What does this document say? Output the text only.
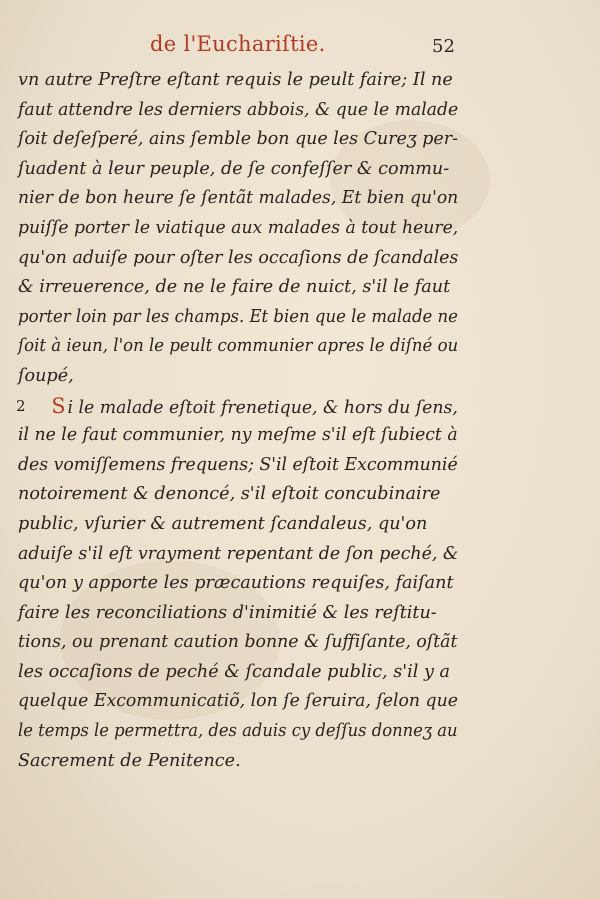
de l'Euchariſtie.	52
vn autre Preſtre eſtant requis le peult faire; Il ne
faut attendre les derniers abbois, & que le malade
ſoit deſeſperé, ains ſemble bon que les Cureʒ per-
ſuadent à leur peuple, de ſe confeſſer & commu-
nier de bon heure ſe ſentãt malades, Et bien qu'on
puiſſe porter le viatique aux malades à tout heure,
qu'on aduiſe pour oſter les occaſions de ſcandales
& irreuerence, de ne le faire de nuict, s'il le faut
porter loin par les champs. Et bien que le malade ne
ſoit à ieun, l'on le peult communier apres le diſné ou
ſoupé,
2 S i le malade eſtoit frenetique, & hors du ſens,
il ne le faut communier, ny meſme s'il eſt ſubiect à
des vomiſſemens frequens; S'il eſtoit Excommunié
notoirement & denoncé, s'il eſtoit concubinaire
public, vſurier & autrement ſcandaleus, qu'on
aduiſe s'il eſt vrayment repentant de ſon peché, &
qu'on y apporte les præcautions requiſes, faiſant
faire les reconciliations d'inimitié & les reſtitu-
tions, ou prenant caution bonne & ſuffiſante, oſtãt
les occaſions de peché & ſcandale public, s'il y a
quelque Excommunicatiõ, lon ſe ſeruira, ſelon que
le temps le permettra, des aduis cy deſſus donneʒ au
Sacrement de Penitence.
